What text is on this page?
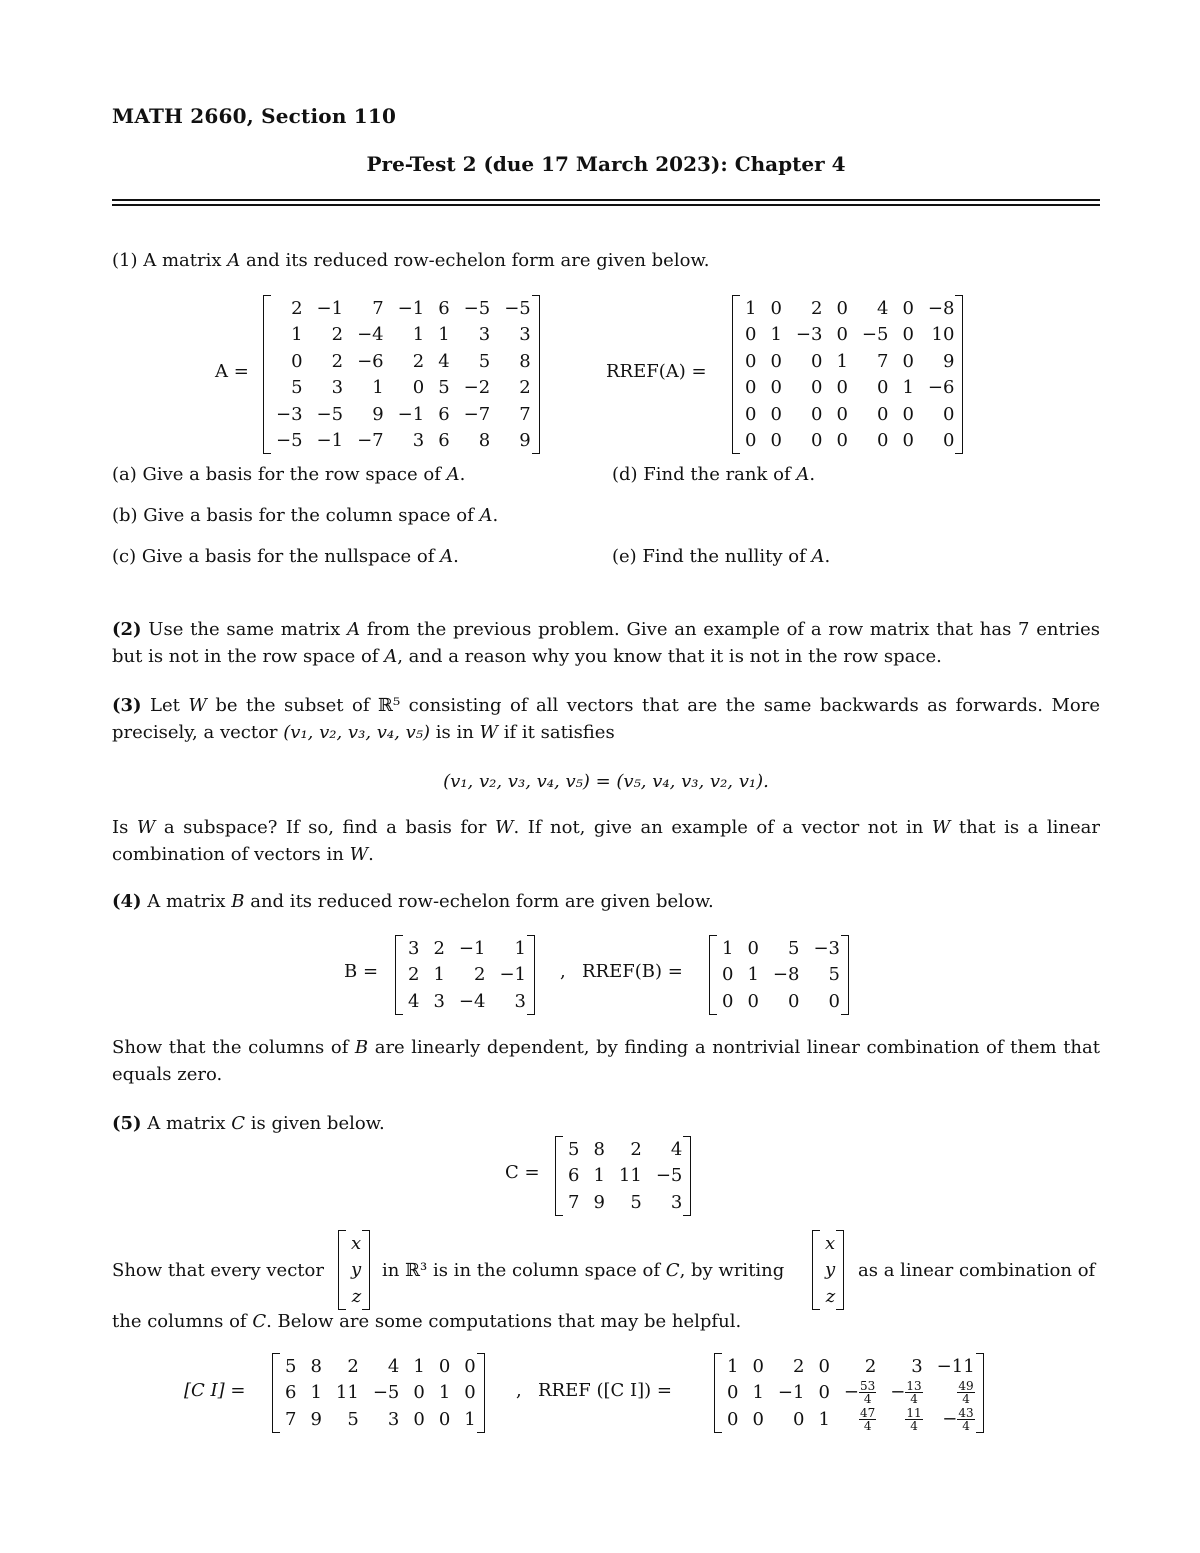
MATH 2660, Section 110
Pre-Test 2 (due 17 March 2023): Chapter 4
(1) A matrix A and its reduced row-echelon form are given below.
A =
2	−1	7	−1	6	−5	−5
1	2	−4	1	1	3	3
0	2	−6	2	4	5	8
5	3	1	0	5	−2	2
−3	−5	9	−1	6	−7	7
−5	−1	−7	3	6	8	9
RREF(A) =
1	0	2	0	4	0	−8
0	1	−3	0	−5	0	10
0	0	0	1	7	0	9
0	0	0	0	0	1	−6
0	0	0	0	0	0	0
0	0	0	0	0	0	0
(a) Give a basis for the row space of A.	(d) Find the rank of A.
(b) Give a basis for the column space of A.
(c) Give a basis for the nullspace of A.	(e) Find the nullity of A.
(2) Use the same matrix A from the previous problem. Give an example of a row matrix that has 7 entries but is not in the row space of A, and a reason why you know that it is not in the row space.
(3) Let W be the subset of ℝ⁵ consisting of all vectors that are the same backwards as forwards. More precisely, a vector (v₁, v₂, v₃, v₄, v₅) is in W if it satisfies
(v₁, v₂, v₃, v₄, v₅) = (v₅, v₄, v₃, v₂, v₁).
Is W a subspace? If so, find a basis for W. If not, give an example of a vector not in W that is a linear combination of vectors in W.
(4) A matrix B and its reduced row-echelon form are given below.
B =
3	2	−1	1
2	1	2	−1
4	3	−4	3
, RREF(B) =
1	0	5	−3
0	1	−8	5
0	0	0	0
Show that the columns of B are linearly dependent, by finding a nontrivial linear combination of them that equals zero.
(5) A matrix C is given below.
C =
5	8	2	4
6	1	11	−5
7	9	5	3
Show that every vector
x
y
z
in ℝ³ is in the column space of C, by writing
x
y
z
as a linear combination of
the columns of C. Below are some computations that may be helpful.
[C I] =
5	8	2	4	1	0	0
6	1	11	−5	0	1	0
7	9	5	3	0	0	1
, RREF ([C I]) =
1	0	2	0	2	3	−11
0	1	−1	0	− $\frac{53}{4}$	− $\frac{13}{4}$	$\frac{49}{4}$

0	0	0	1	$\frac{47}{4}$	$\frac{11}{4}$	− $\frac{43}{4}$
